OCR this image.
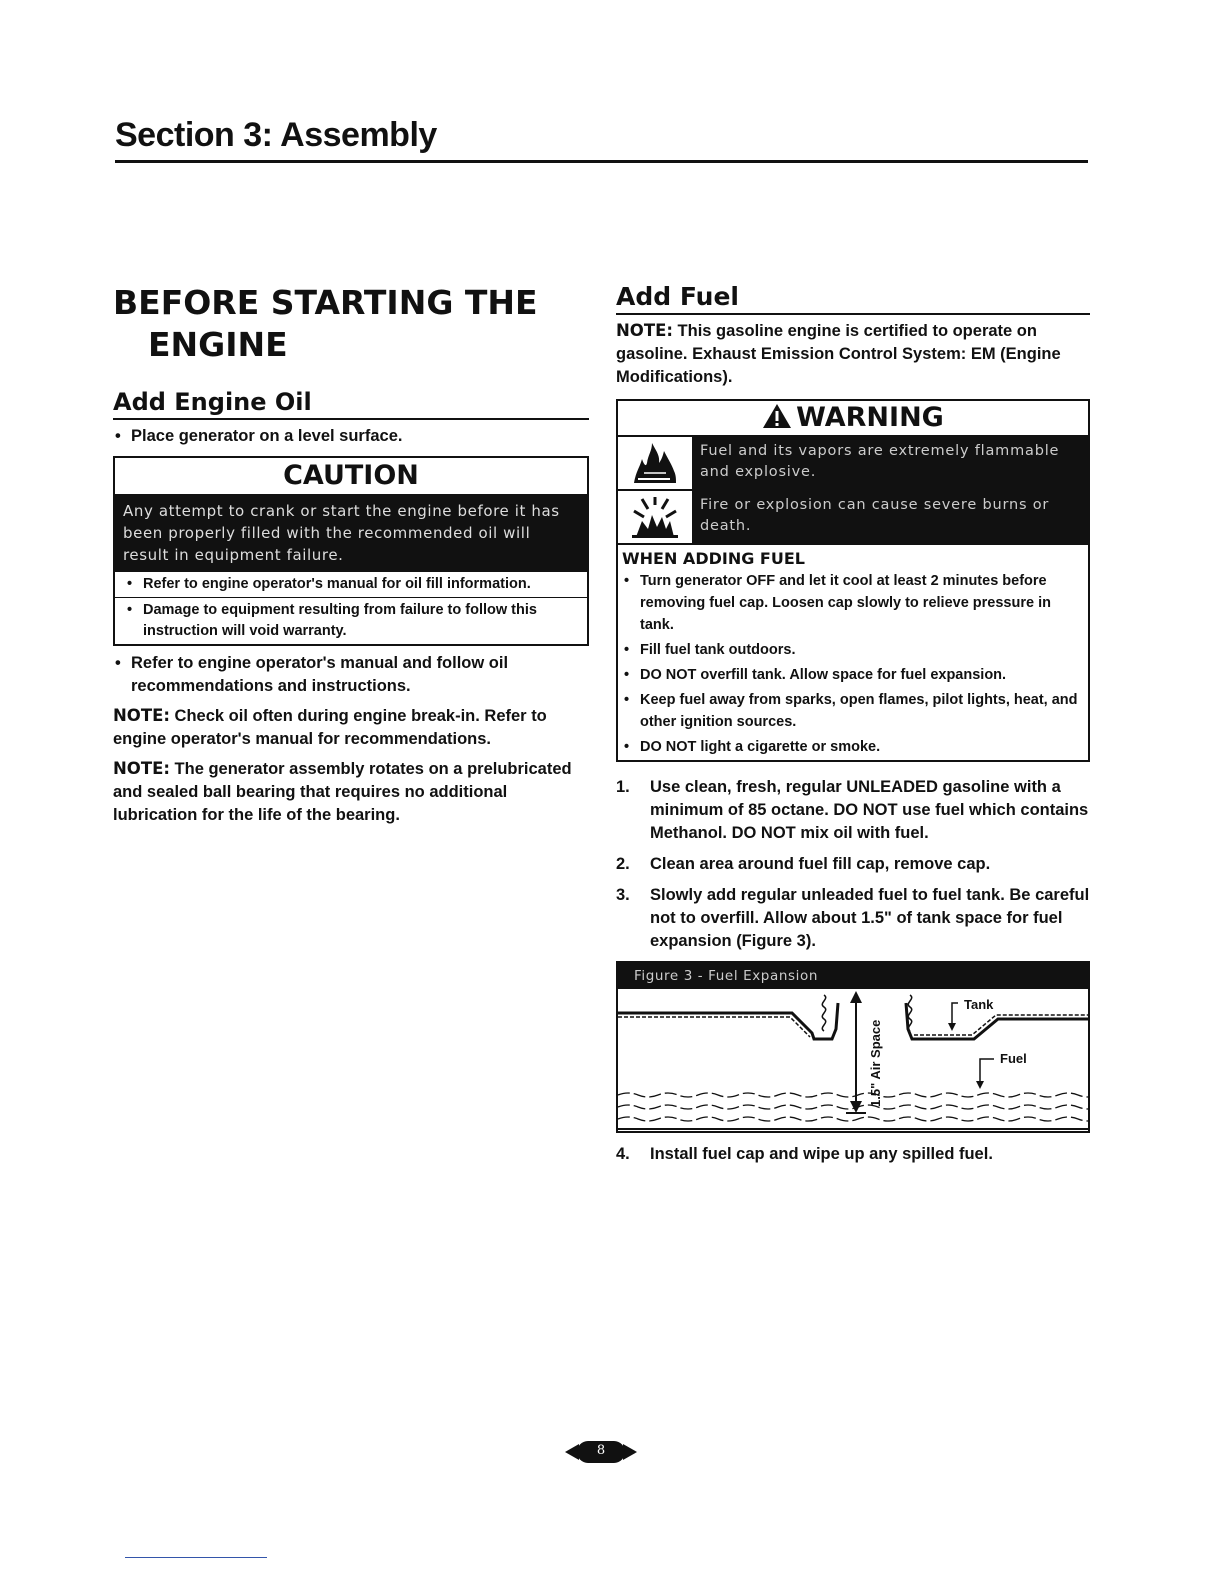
Section 3: Assembly
BEFORE STARTING THE
ENGINE
Add Engine Oil

• Place generator on a level surface.

CAUTION
Any attempt to crank or start the engine before it has been properly filled with the recommended oil will result in equipment failure.
• Refer to engine operator's manual for oil fill information.
• Damage to equipment resulting from failure to follow this instruction will void warranty.

• Refer to engine operator's manual and follow oil recommendations and instructions.

NOTE: Check oil often during engine break-in. Refer to engine operator's manual for recommendations.

NOTE: The generator assembly rotates on a prelubricated and sealed ball bearing that requires no additional lubrication for the life of the bearing.

Add Fuel

NOTE: This gasoline engine is certified to operate on gasoline. Exhaust Emission Control System: EM (Engine Modifications).

WARNING
Fuel and its vapors are extremely flammable and explosive.
Fire or explosion can cause severe burns or death.
WHEN ADDING FUEL
• Turn generator OFF and let it cool at least 2 minutes before removing fuel cap. Loosen cap slowly to relieve pressure in tank.
• Fill fuel tank outdoors.
• DO NOT overfill tank. Allow space for fuel expansion.
• Keep fuel away from sparks, open flames, pilot lights, heat, and other ignition sources.
• DO NOT light a cigarette or smoke.
1. Use clean, fresh, regular UNLEADED gasoline with a minimum of 85 octane. DO NOT use fuel which contains Methanol. DO NOT mix oil with fuel.
2. Clean area around fuel fill cap, remove cap.
3. Slowly add regular unleaded fuel to fuel tank. Be careful not to overfill. Allow about 1.5" of tank space for fuel expansion (Figure 3).
Figure 3 - Fuel Expansion
1.5" Air Space
Tank
Fuel
4. Install fuel cap and wipe up any spilled fuel.
8
